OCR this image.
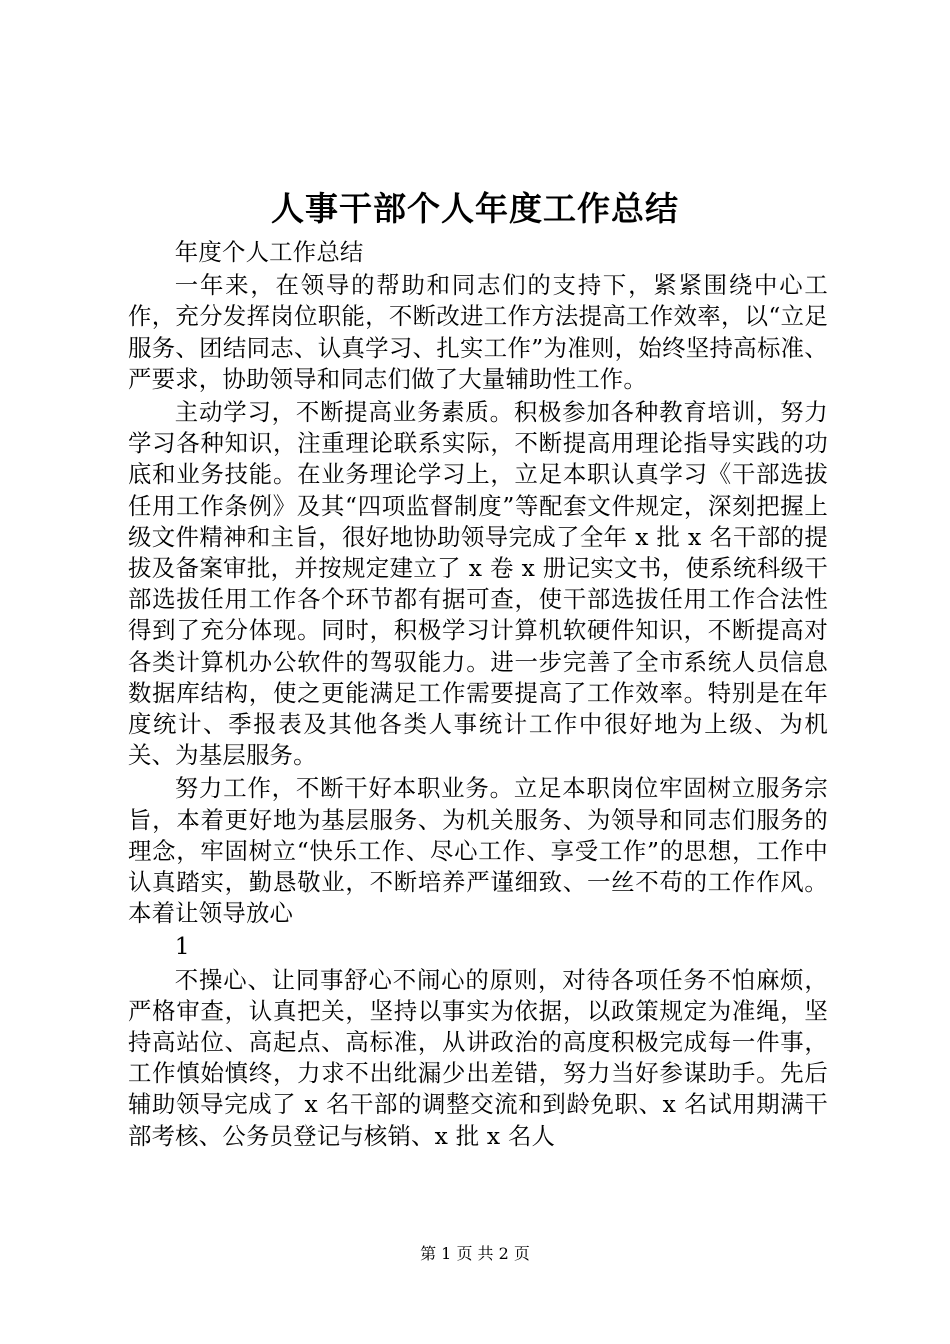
人事干部个人年度工作总结

年度个人工作总结

一年来，在领导的帮助和同志们的支持下，紧紧围绕中心工作，充分发挥岗位职能，不断改进工作方法提高工作效率，以“立足服务、团结同志、认真学习、扎实工作”为准则，始终坚持高标准、严要求，协助领导和同志们做了大量辅助性工作。

主动学习，不断提高业务素质。积极参加各种教育培训，努力学习各种知识，注重理论联系实际，不断提高用理论指导实践的功底和业务技能。在业务理论学习上，立足本职认真学习《干部选拔任用工作条例》及其“四项监督制度”等配套文件规定，深刻把握上级文件精神和主旨，很好地协助领导完成了全年 x 批 x 名干部的提拔及备案审批，并按规定建立了 x 卷 x 册记实文书，使系统科级干部选拔任用工作各个环节都有据可查，使干部选拔任用工作合法性得到了充分体现。同时，积极学习计算机软硬件知识，不断提高对各类计算机办公软件的驾驭能力。进一步完善了全市系统人员信息数据库结构，使之更能满足工作需要提高了工作效率。特别是在年度统计、季报表及其他各类人事统计工作中很好地为上级、为机关、为基层服务。

努力工作，不断干好本职业务。立足本职岗位牢固树立服务宗旨，本着更好地为基层服务、为机关服务、为领导和同志们服务的理念，牢固树立“快乐工作、尽心工作、享受工作”的思想，工作中认真踏实，勤恳敬业，不断培养严谨细致、一丝不苟的工作作风。本着让领导放心

1

不操心、让同事舒心不闹心的原则，对待各项任务不怕麻烦，严格审查，认真把关，坚持以事实为依据，以政策规定为准绳，坚持高站位、高起点、高标准，从讲政治的高度积极完成每一件事，工作慎始慎终，力求不出纰漏少出差错，努力当好参谋助手。先后辅助领导完成了 x 名干部的调整交流和到龄免职、x 名试用期满干部考核、公务员登记与核销、x 批 x 名人

第 1 页 共 2 页
